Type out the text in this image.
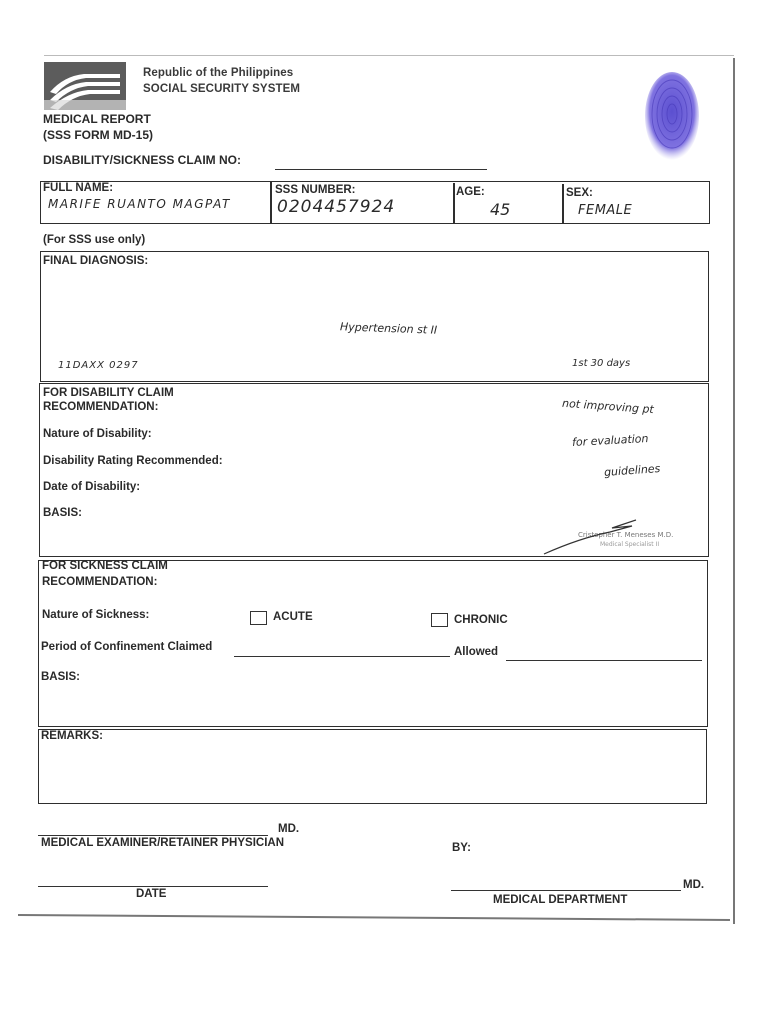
Republic of the Philippines
SOCIAL SECURITY SYSTEM
MEDICAL REPORT
(SSS FORM MD-15)
DISABILITY/SICKNESS CLAIM NO:
FULL NAME:
MARIFE RUANTO MAGPAT
SSS NUMBER:
0204457924
AGE:
45
SEX:
FEMALE
(For SSS use only)
FINAL DIAGNOSIS:
Hypertension st II
11DAXX 0297	1st 30 days
FOR DISABILITY CLAIM
RECOMMENDATION:
Nature of Disability:
Disability Rating Recommended:
Date of Disability:
BASIS:
not improving pt
for evaluation
guidelines
Cristopher T. Meneses M.D.
Medical Specialist II
FOR SICKNESS CLAIM
RECOMMENDATION:
Nature of Sickness:	ACUTE	CHRONIC
Period of Confinement Claimed	Allowed
BASIS:
REMARKS:
MD.
MEDICAL EXAMINER/RETAINER PHYSICIAN	BY:
DATE
MD.
MEDICAL DEPARTMENT
